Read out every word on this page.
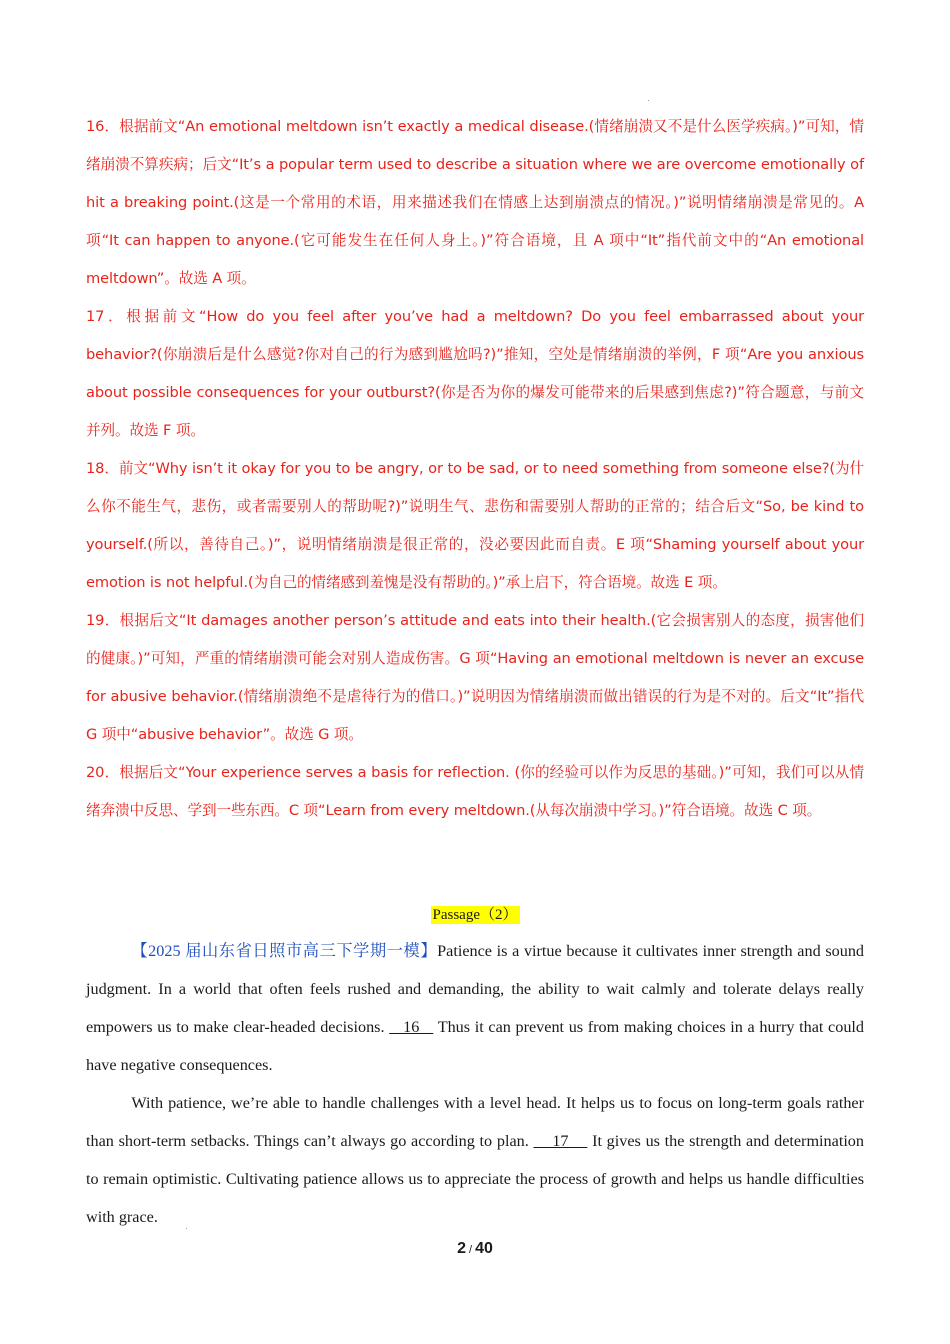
16．根据前文“An emotional meltdown isn’t exactly a medical disease.(情绪崩溃又不是什么医学疾病。)”可知，情绪崩溃不算疾病；后文“It’s a popular term used to describe a situation where we are overcome emotionally of hit a breaking point.(这是一个常用的术语，用来描述我们在情感上达到崩溃点的情况。)”说明情绪崩溃是常见的。A 项“It can happen to anyone.(它可能发生在任何人身上。)”符合语境，且 A 项中“It”指代前文中的“An emotional meltdown”。故选 A 项。

17．根据前文“How do you feel after you’ve had a meltdown? Do you feel embarrassed about your behavior?(你崩溃后是什么感觉?你对自己的行为感到尴尬吗?)”推知，空处是情绪崩溃的举例，F 项“Are you anxious about possible consequences for your outburst?(你是否为你的爆发可能带来的后果感到焦虑?)”符合题意，与前文并列。故选 F 项。

18．前文“Why isn’t it okay for you to be angry, or to be sad, or to need something from someone else?(为什么你不能生气，悲伤，或者需要别人的帮助呢?)”说明生气、悲伤和需要别人帮助的正常的；结合后文“So, be kind to yourself.(所以，善待自己。)”，说明情绪崩溃是很正常的，没必要因此而自责。E 项“Shaming yourself about your emotion is not helpful.(为自己的情绪感到羞愧是没有帮助的。)”承上启下，符合语境。故选 E 项。

19．根据后文“It damages another person’s attitude and eats into their health.(它会损害别人的态度，损害他们的健康。)”可知，严重的情绪崩溃可能会对别人造成伤害。G 项“Having an emotional meltdown is never an excuse for abusive behavior.(情绪崩溃绝不是虐待行为的借口。)”说明因为情绪崩溃而做出错误的行为是不对的。后文“It”指代 G 项中“abusive behavior”。故选 G 项。

20．根据后文“Your experience serves a basis for reflection. (你的经验可以作为反思的基础。)”可知，我们可以从情绪奔溃中反思、学到一些东西。C 项“Learn from every meltdown.(从每次崩溃中学习。)”符合语境。故选 C 项。

Passage（2）

【2025 届山东省日照市高三下学期一模】Patience is a virtue because it cultivates inner strength and sound judgment. In a world that often feels rushed and demanding, the ability to wait calmly and tolerate delays really empowers us to make clear-headed decisions.    16    Thus it can prevent us from making choices in a hurry that could have negative consequences.

With patience, we’re able to handle challenges with a level head. It helps us to focus on long-term goals rather than short-term setbacks. Things can’t always go according to plan.     17     It gives us the strength and determination to remain optimistic. Cultivating patience allows us to appreciate the process of growth and helps us handle difficulties with grace.

2 / 40
